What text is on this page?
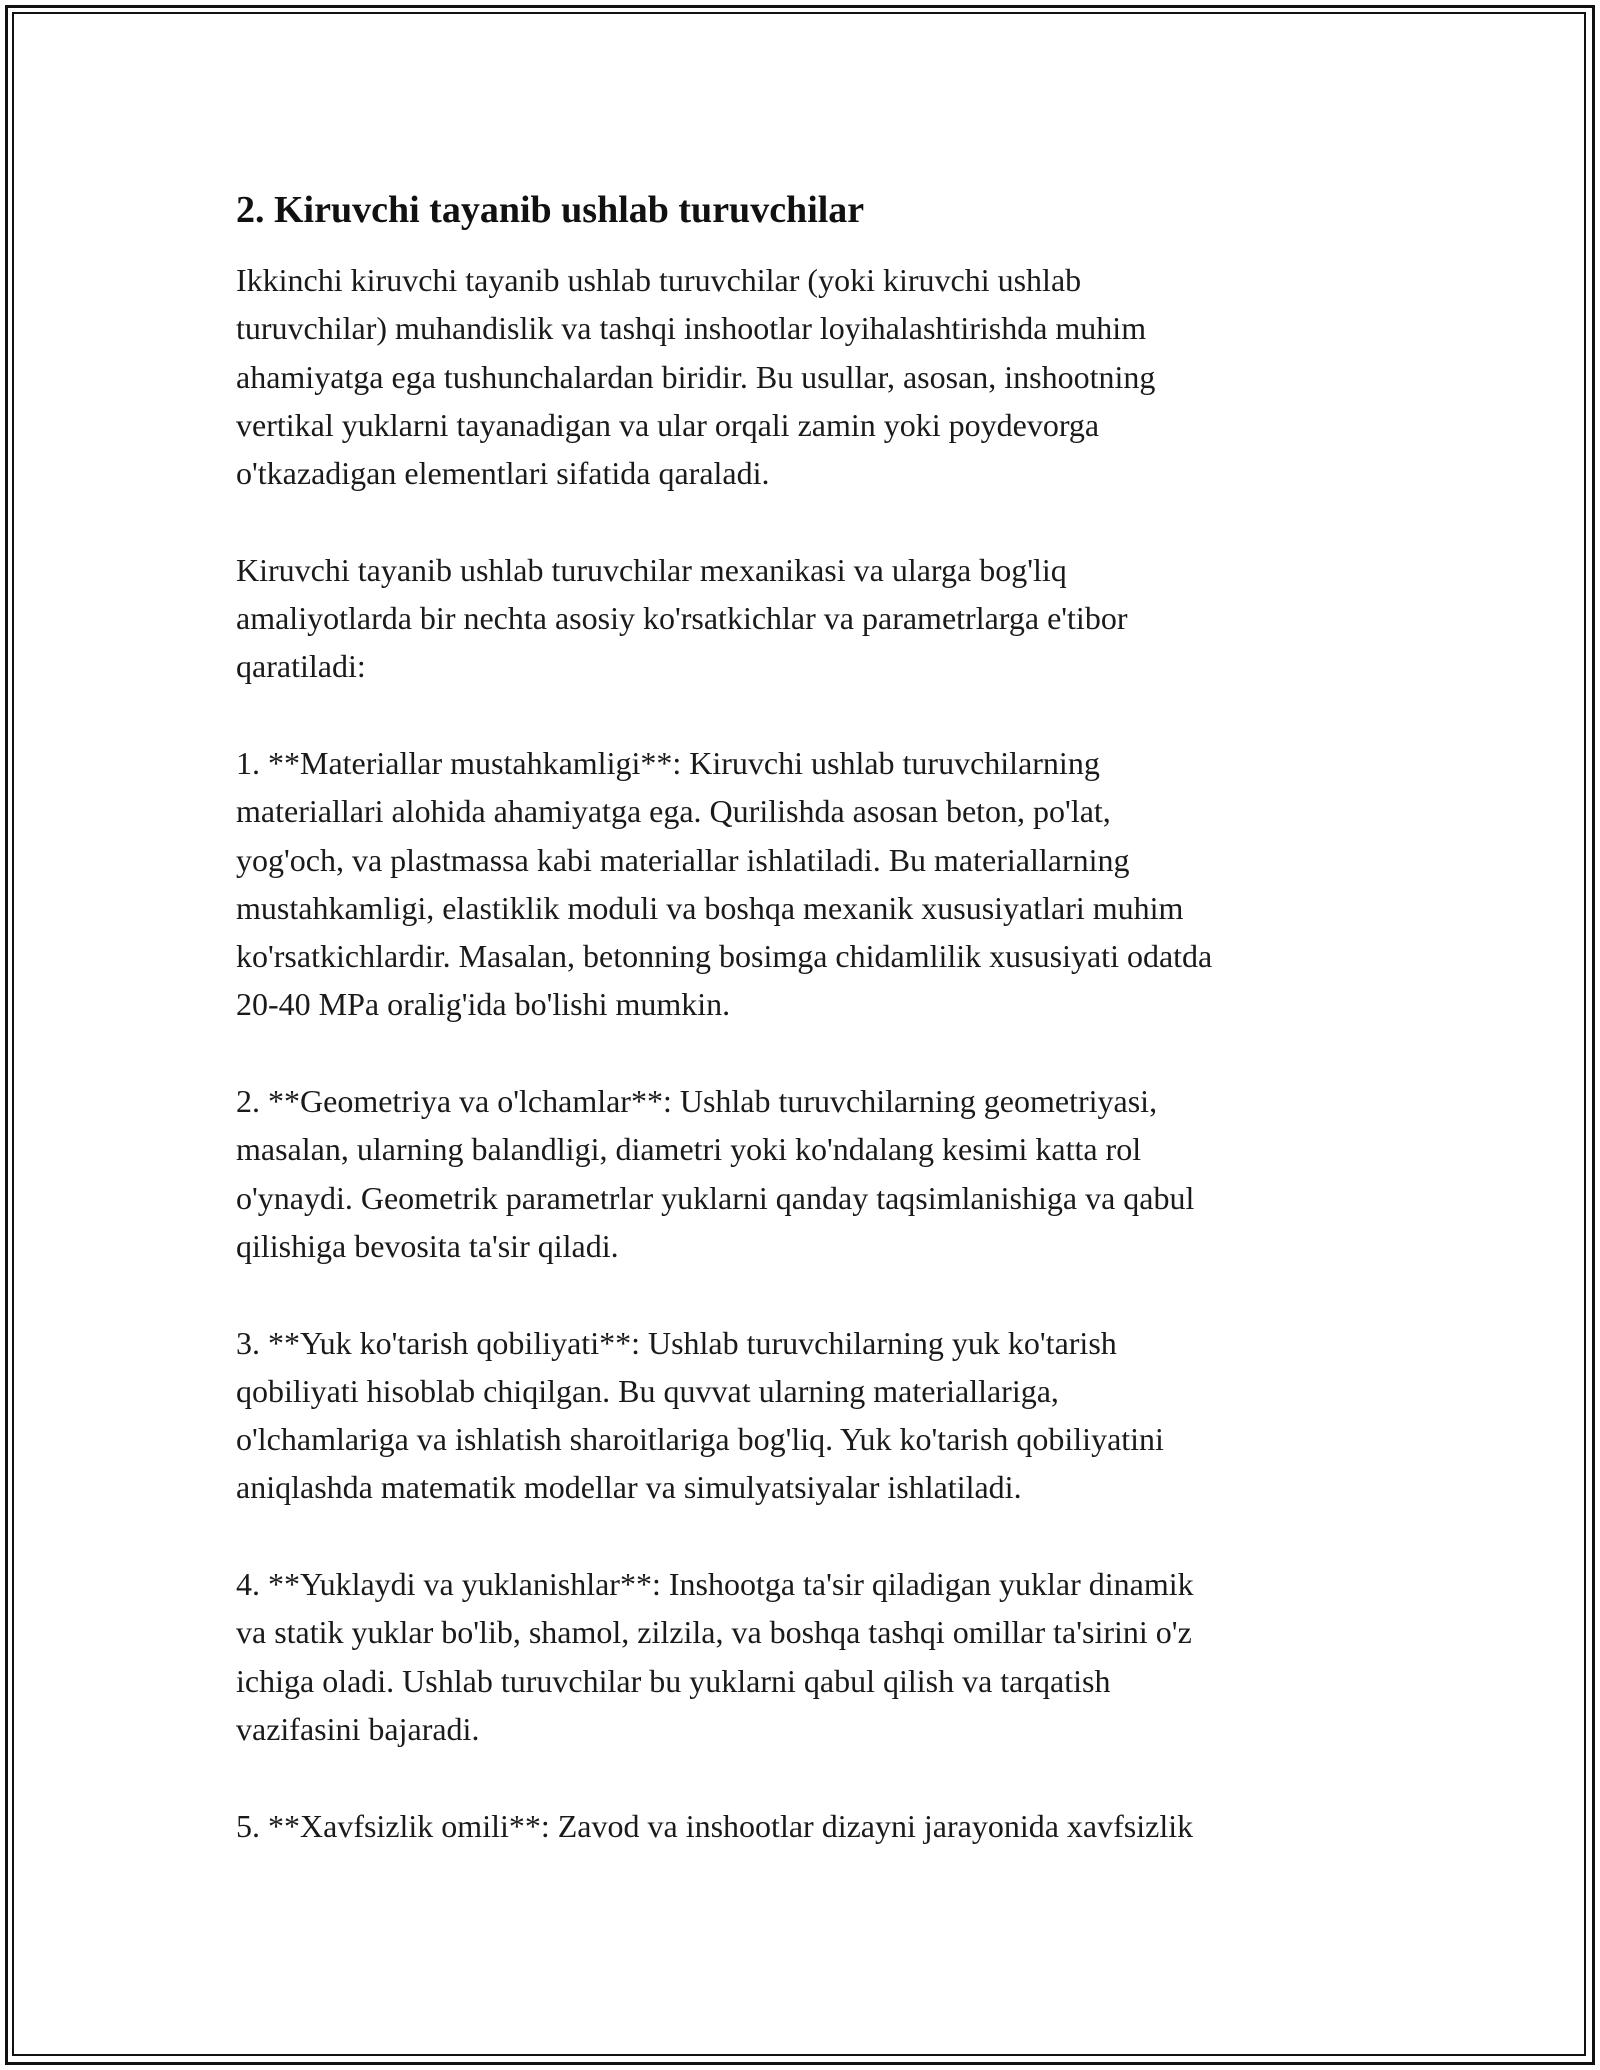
2. Kiruvchi tayanib ushlab turuvchilar

Ikkinchi kiruvchi tayanib ushlab turuvchilar (yoki kiruvchi ushlab
turuvchilar) muhandislik va tashqi inshootlar loyihalashtirishda muhim
ahamiyatga ega tushunchalardan biridir. Bu usullar, asosan, inshootning
vertikal yuklarni tayanadigan va ular orqali zamin yoki poydevorga
o'tkazadigan elementlari sifatida qaraladi.

Kiruvchi tayanib ushlab turuvchilar mexanikasi va ularga bog'liq
amaliyotlarda bir nechta asosiy ko'rsatkichlar va parametrlarga e'tibor
qaratiladi:

1. **Materiallar mustahkamligi**: Kiruvchi ushlab turuvchilarning
materiallari alohida ahamiyatga ega. Qurilishda asosan beton, po'lat,
yog'och, va plastmassa kabi materiallar ishlatiladi. Bu materiallarning
mustahkamligi, elastiklik moduli va boshqa mexanik xususiyatlari muhim
ko'rsatkichlardir. Masalan, betonning bosimga chidamlilik xususiyati odatda
20-40 MPa oralig'ida bo'lishi mumkin.

2. **Geometriya va o'lchamlar**: Ushlab turuvchilarning geometriyasi,
masalan, ularning balandligi, diametri yoki ko'ndalang kesimi katta rol
o'ynaydi. Geometrik parametrlar yuklarni qanday taqsimlanishiga va qabul
qilishiga bevosita ta'sir qiladi.

3. **Yuk ko'tarish qobiliyati**: Ushlab turuvchilarning yuk ko'tarish
qobiliyati hisoblab chiqilgan. Bu quvvat ularning materiallariga,
o'lchamlariga va ishlatish sharoitlariga bog'liq. Yuk ko'tarish qobiliyatini
aniqlashda matematik modellar va simulyatsiyalar ishlatiladi.

4. **Yuklaydi va yuklanishlar**: Inshootga ta'sir qiladigan yuklar dinamik
va statik yuklar bo'lib, shamol, zilzila, va boshqa tashqi omillar ta'sirini o'z
ichiga oladi. Ushlab turuvchilar bu yuklarni qabul qilish va tarqatish
vazifasini bajaradi.

5. **Xavfsizlik omili**: Zavod va inshootlar dizayni jarayonida xavfsizlik
